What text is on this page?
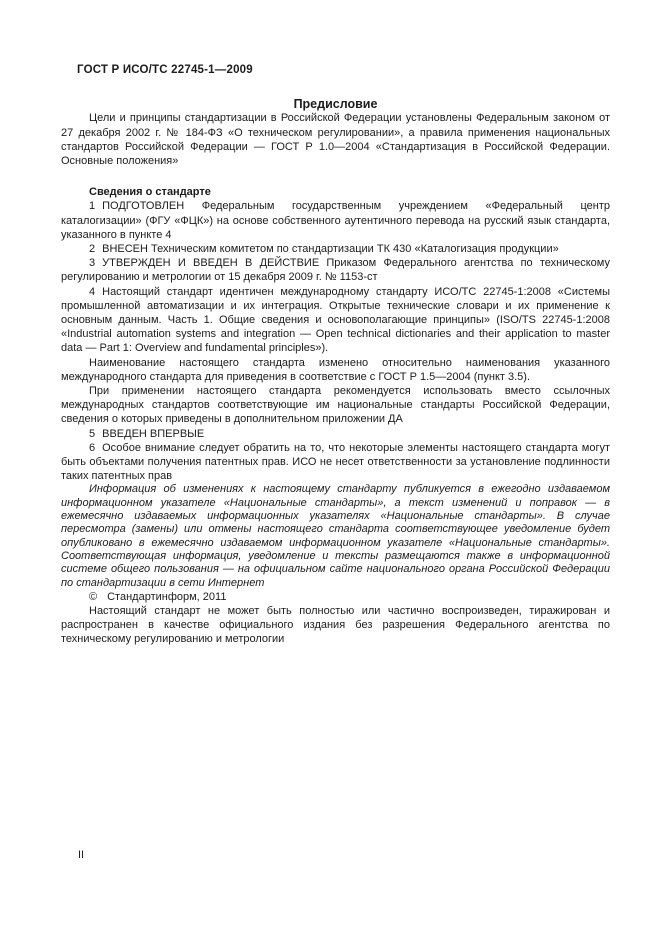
ГОСТ Р ИСО/ТС 22745-1—2009

Предисловие

Цели и принципы стандартизации в Российской Федерации установлены Федеральным законом от 27 декабря 2002 г. № 184-ФЗ «О техническом регулировании», а правила применения национальных стандартов Российской Федерации — ГОСТ Р 1.0—2004 «Стандартизация в Российской Федерации. Основные положения»

Сведения о стандарте

1 ПОДГОТОВЛЕН Федеральным государственным учреждением «Федеральный центр каталогизации» (ФГУ «ФЦК») на основе собственного аутентичного перевода на русский язык стандарта, указанного в пункте 4

2 ВНЕСЕН Техническим комитетом по стандартизации ТК 430 «Каталогизация продукции»

3 УТВЕРЖДЕН И ВВЕДЕН В ДЕЙСТВИЕ Приказом Федерального агентства по техническому регулированию и метрологии от 15 декабря 2009 г. № 1153-ст

4 Настоящий стандарт идентичен международному стандарту ИСО/ТС 22745-1:2008 «Системы промышленной автоматизации и их интеграция. Открытые технические словари и их применение к основным данным. Часть 1. Общие сведения и основополагающие принципы» (ISO/TS 22745-1:2008 «Industrial automation systems and integration — Open technical dictionaries and their application to master data — Part 1: Overview and fundamental principles»).

Наименование настоящего стандарта изменено относительно наименования указанного международного стандарта для приведения в соответствие с ГОСТ Р 1.5—2004 (пункт 3.5).

При применении настоящего стандарта рекомендуется использовать вместо ссылочных международных стандартов соответствующие им национальные стандарты Российской Федерации, сведения о которых приведены в дополнительном приложении ДА

5 ВВЕДЕН ВПЕРВЫЕ

6 Особое внимание следует обратить на то, что некоторые элементы настоящего стандарта могут быть объектами получения патентных прав. ИСО не несет ответственности за установление подлинности таких патентных прав

Информация об изменениях к настоящему стандарту публикуется в ежегодно издаваемом информационном указателе «Национальные стандарты», а текст изменений и поправок — в ежемесячно издаваемых информационных указателях «Национальные стандарты». В случае пересмотра (замены) или отмены настоящего стандарта соответствующее уведомление будет опубликовано в ежемесячно издаваемом информационном указателе «Национальные стандарты». Соответствующая информация, уведомление и тексты размещаются также в информационной системе общего пользования — на официальном сайте национального органа Российской Федерации по стандартизации в сети Интернет

© Стандартинформ, 2011

Настоящий стандарт не может быть полностью или частично воспроизведен, тиражирован и распространен в качестве официального издания без разрешения Федерального агентства по техническому регулированию и метрологии

II
